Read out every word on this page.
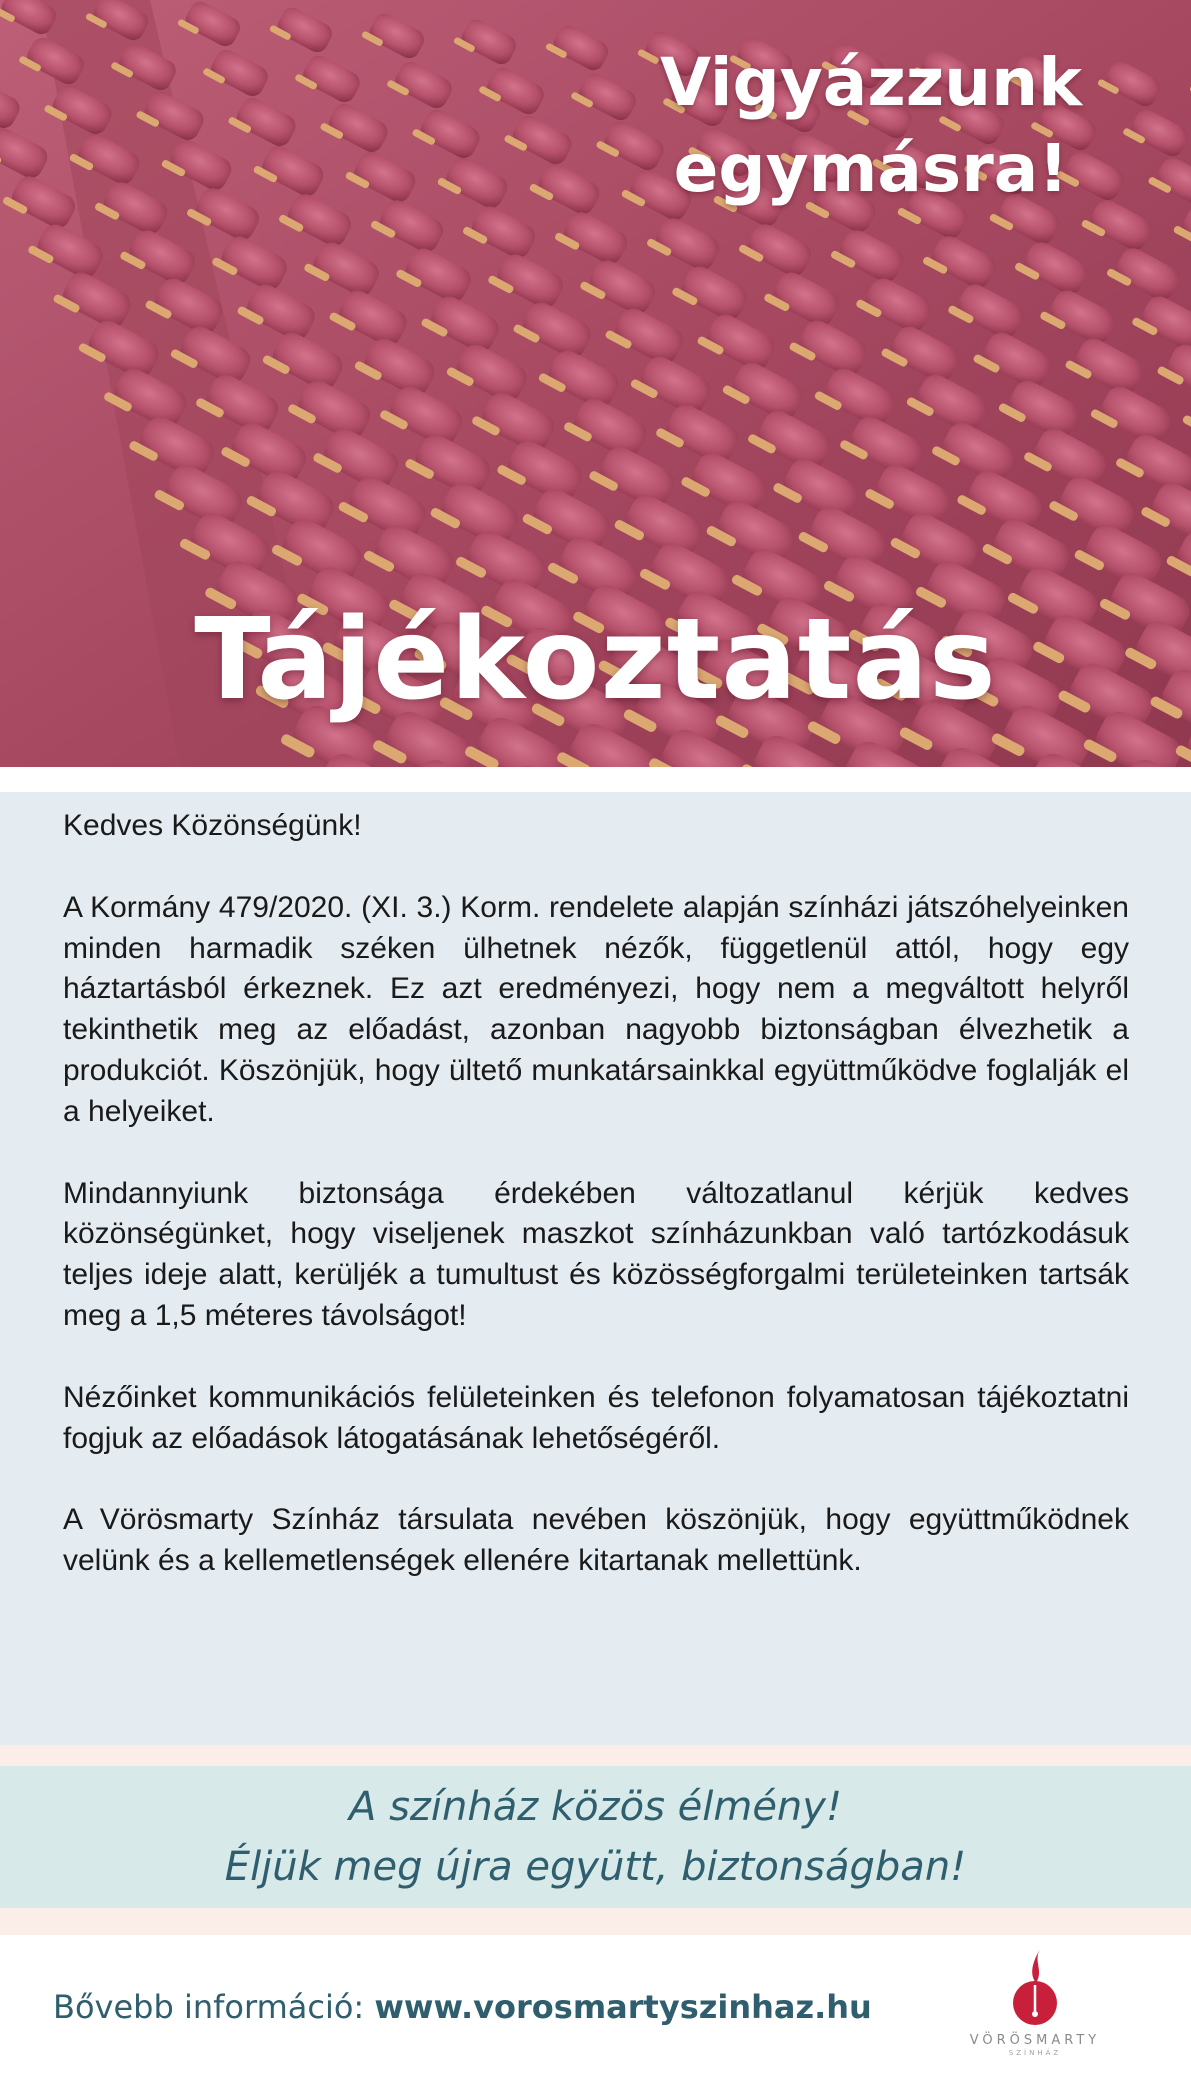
Vigyázzunk
egymásra!
Tájékoztatás

Kedves Közönségünk!

A Kormány 479/2020. (XI. 3.) Korm. rendelete alapján színházi játszóhelyeinken minden harmadik széken ülhetnek nézők, függetlenül attól, hogy egy háztartásból érkeznek. Ez azt eredményezi, hogy nem a megváltott helyről tekinthetik meg az előadást, azonban nagyobb biztonságban élvezhetik a produkciót. Köszönjük, hogy ültető munkatársainkkal együttműködve foglalják el a helyeiket.

Mindannyiunk biztonsága érdekében változatlanul kérjük kedves közönségünket, hogy viseljenek maszkot színházunkban való tartózkodásuk teljes ideje alatt, kerüljék a tumultust és közösségforgalmi területeinken tartsák meg a 1,5 méteres távolságot!

Nézőinket kommunikációs felületeinken és telefonon folyamatosan tájékoztatni fogjuk az előadások látogatásának lehetőségéről.

A Vörösmarty Színház társulata nevében köszönjük, hogy együttműködnek velünk és a kellemetlenségek ellenére kitartanak mellettünk.

A színház közös élmény!
Éljük meg újra együtt, biztonságban!
Bővebb információ: www.vorosmartyszinhaz.hu
VÖRÖSMARTY
SZÍNHÁZ
